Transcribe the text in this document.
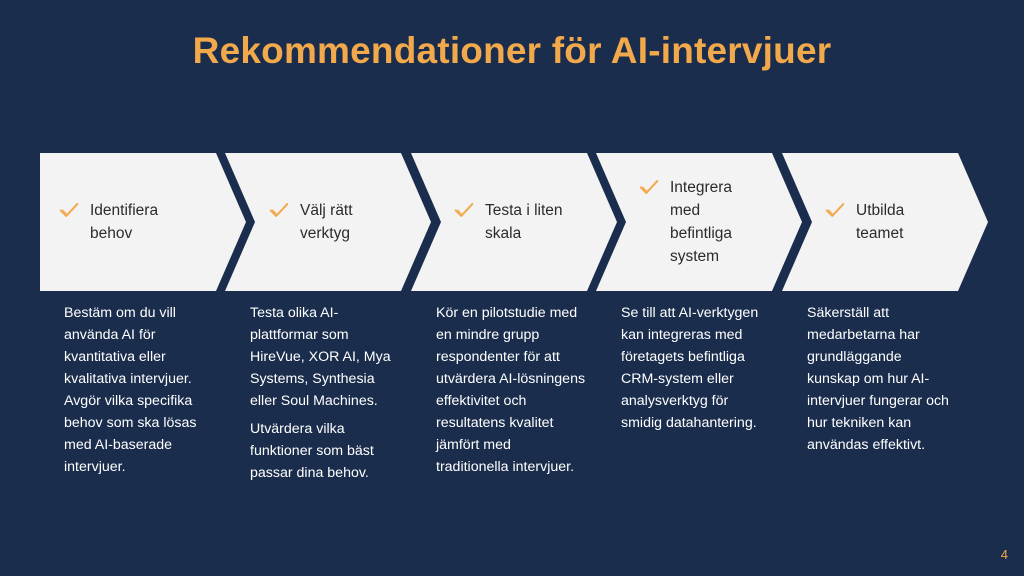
Rekommendationer för AI-intervjuer
Identifiera
behov

Bestäm om du vill använda AI för kvantitativa eller kvalitativa intervjuer. Avgör vilka specifika behov som ska lösas med AI-baserade intervjuer.

Välj rätt
verktyg

Testa olika AI-plattformar som HireVue, XOR AI, Mya Systems, Synthesia eller Soul Machines.

Utvärdera vilka funktioner som bäst passar dina behov.

Testa i liten
skala

Kör en pilotstudie med en mindre grupp respondenter för att utvärdera AI-lösningens effektivitet och resultatens kvalitet jämfört med traditionella intervjuer.

Integrera
med
befintliga
system

Se till att AI-verktygen kan integreras med företagets befintliga CRM-system eller analysverktyg för smidig datahantering.

Utbilda
teamet

Säkerställ att medarbetarna har grundläggande kunskap om hur AI-intervjuer fungerar och hur tekniken kan användas effektivt.

4
